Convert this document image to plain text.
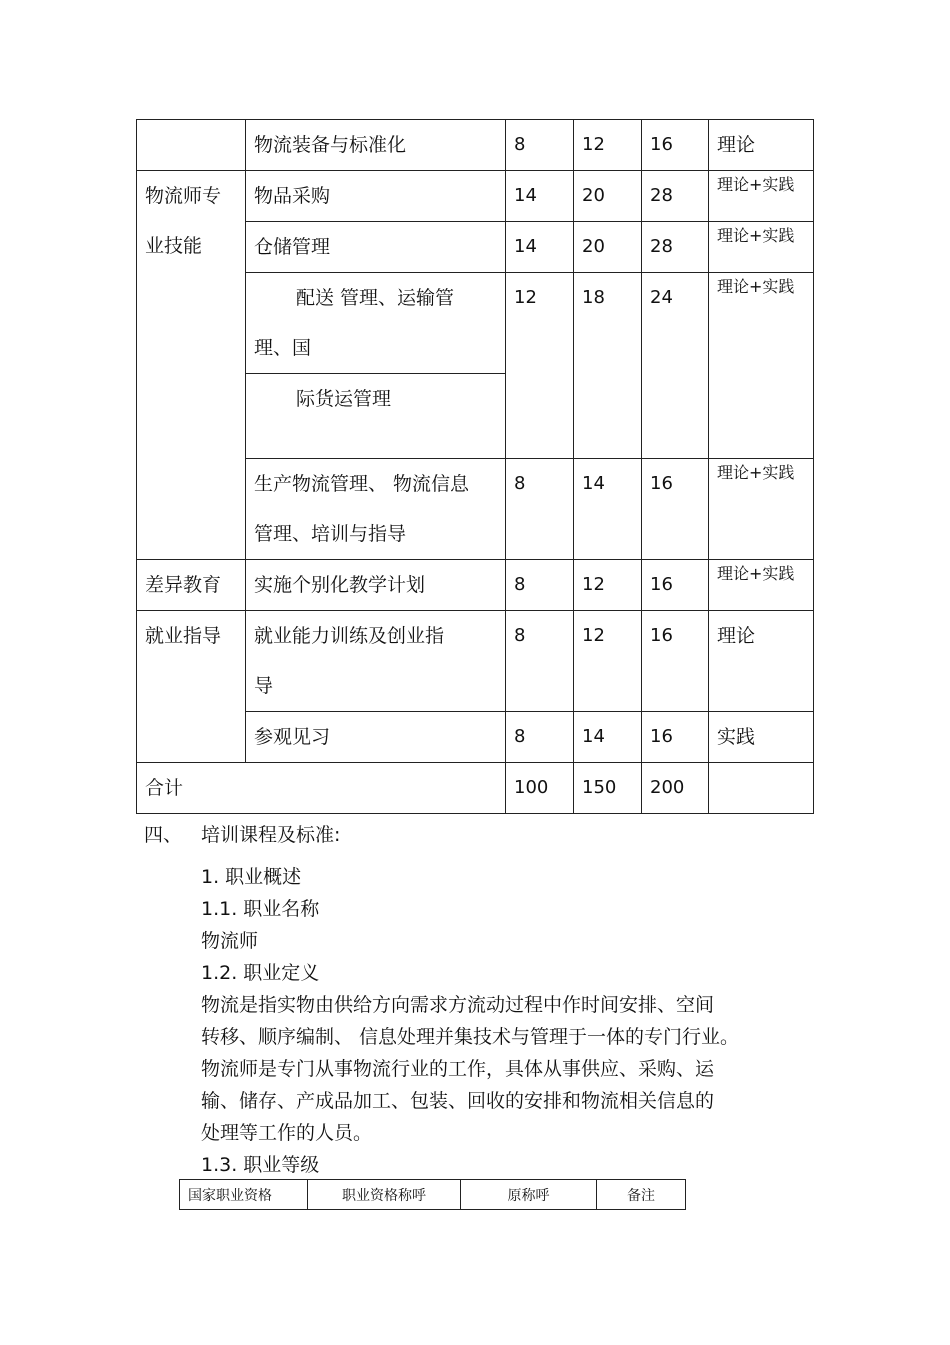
	物流装备与标准化	8	12	16	理论

物流师专
业技能	物品采购	14	20	28	理论+实践
	仓储管理	14	20	28	理论+实践

	配送 管理、运输管
理、国	12	18	24	理论+实践

	际货运管理				

	生产物流管理、 物流信息
管理、培训与指导	8	14	16	理论+实践
差异教育	实施个别化教学计划	8	12	16	理论+实践
就业指导	就业能力训练及创业指
导	8	12	16	理论
	参观见习	8	14	16	实践
合计		100	150	200	
四、 培训课程及标准:
1. 职业概述
1.1. 职业名称
物流师
1.2. 职业定义
物流是指实物由供给方向需求方流动过程中作时间安排、空间
转移、顺序编制、 信息处理并集技术与管理于一体的专门行业。
物流师是专门从事物流行业的工作，具体从事供应、采购、运
输、储存、产成品加工、包装、回收的安排和物流相关信息的
处理等工作的人员。
1.3. 职业等级
国家职业资格	职业资格称呼	原称呼	备注
